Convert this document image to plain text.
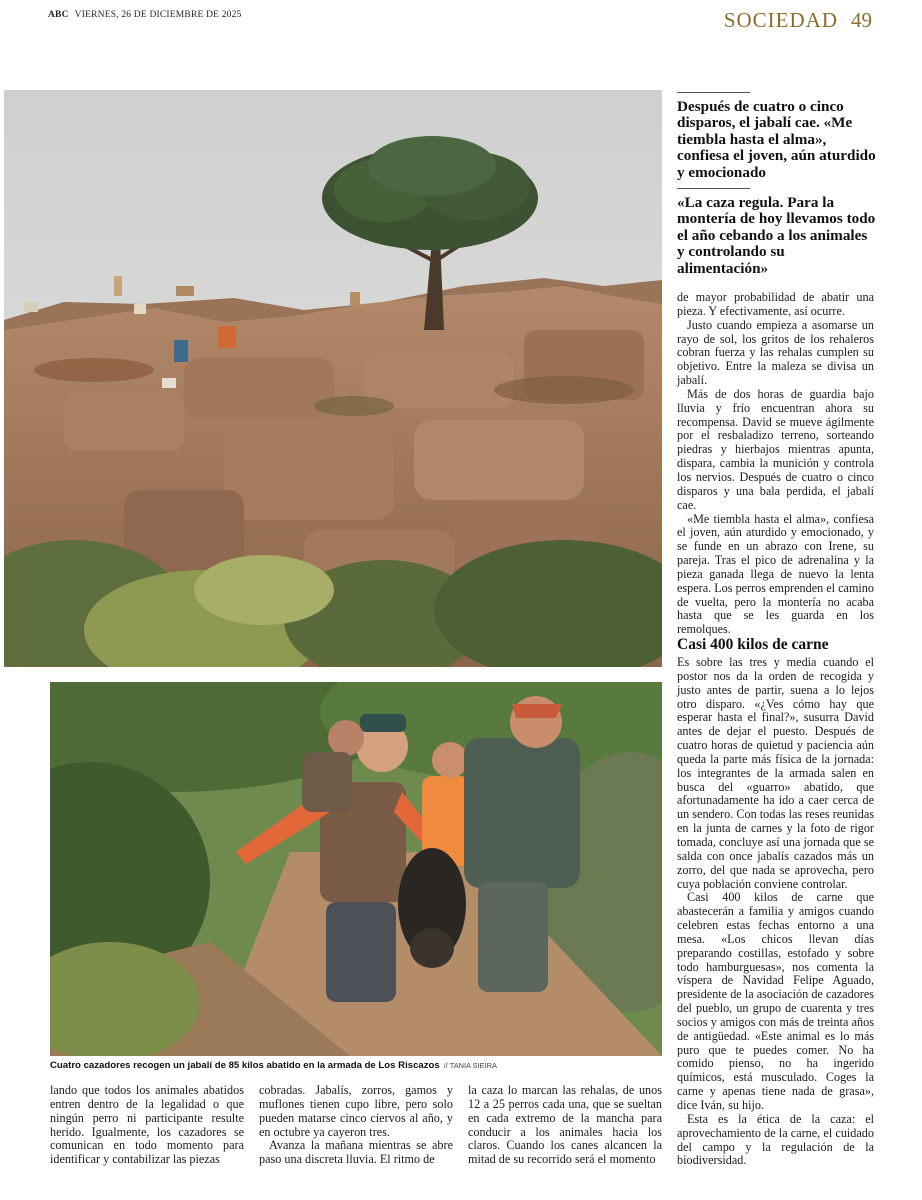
ABC VIERNES, 26 DE DICIEMBRE DE 2025	SOCIEDAD 49
Cuatro cazadores recogen un jabalí de 85 kilos abatido en la armada de Los Riscazos // TANIA SIEIRA
Después de cuatro o cinco disparos, el jabalí cae. «Me tiembla hasta el alma», confiesa el joven, aún aturdido y emocionado
«La caza regula. Para la montería de hoy llevamos todo el año cebando a los animales y controlando su alimentación»

de mayor probabilidad de abatir una pieza. Y efectivamente, así ocurre.

Justo cuando empieza a asomarse un rayo de sol, los gritos de los rehaleros cobran fuerza y las rehalas cumplen su objetivo. Entre la maleza se divisa un jabalí.

Más de dos horas de guardia bajo lluvia y frío encuentran ahora su recompensa. David se mueve ágilmente por el resbaladizo terreno, sorteando piedras y hierbajos mientras apunta, dispara, cambia la munición y controla los nervios. Después de cuatro o cinco disparos y una bala perdida, el jabalí cae.

«Me tiembla hasta el alma», confiesa el joven, aún aturdido y emocionado, y se funde en un abrazo con Irene, su pareja. Tras el pico de adrenalina y la pieza ganada llega de nuevo la lenta espera. Los perros emprenden el camino de vuelta, pero la montería no acaba hasta que se les guarda en los remolques.

Casi 400 kilos de carne

Es sobre las tres y media cuando el postor nos da la orden de recogida y justo antes de partir, suena a lo lejos otro disparo. «¿Ves cómo hay que esperar hasta el final?», susurra David antes de dejar el puesto. Después de cuatro horas de quietud y paciencia aún queda la parte más física de la jornada: los integrantes de la armada salen en busca del «guarro» abatido, que afortunadamente ha ido a caer cerca de un sendero. Con todas las reses reunidas en la junta de carnes y la foto de rigor tomada, concluye así una jornada que se salda con once jabalís cazados más un zorro, del que nada se aprovecha, pero cuya población conviene controlar.

Casi 400 kilos de carne que abastecerán a familia y amigos cuando celebren estas fechas entorno a una mesa. «Los chicos llevan días preparando costillas, estofado y sobre todo hamburguesas», nos comenta la víspera de Navidad Felipe Aguado, presidente de la asociación de cazadores del pueblo, un grupo de cuarenta y tres socios y amigos con más de treinta años de antigüedad. «Este animal es lo más puro que te puedes comer. No ha comido pienso, no ha ingerido químicos, está musculado. Coges la carne y apenas tiene nada de grasa», dice Iván, su hijo.

Esta es la ética de la caza: el aprovechamiento de la carne, el cuidado del campo y la regulación de la biodiversidad.

lando que todos los animales abatidos entren dentro de la legalidad o que ningún perro ni participante resulte herido. Igualmente, los cazadores se comunican en todo momento para identificar y contabilizar las piezas

cobradas. Jabalís, zorros, gamos y muflones tienen cupo libre, pero solo pueden matarse cinco ciervos al año, y en octubre ya cayeron tres.

Avanza la mañana mientras se abre paso una discreta lluvia. El ritmo de

la caza lo marcan las rehalas, de unos 12 a 25 perros cada una, que se sueltan en cada extremo de la mancha para conducir a los animales hacia los claros. Cuando los canes alcancen la mitad de su recorrido será el momento
